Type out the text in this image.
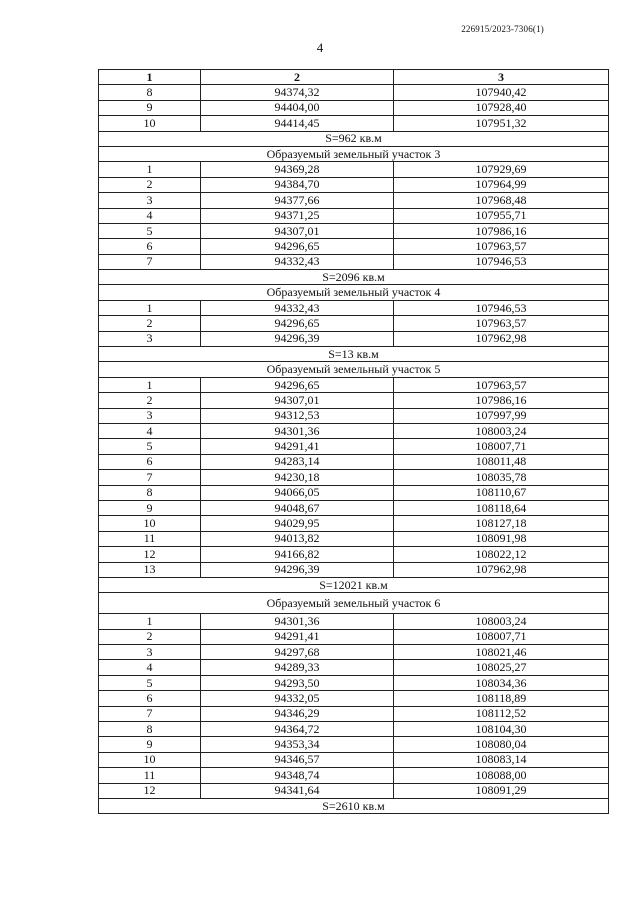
226915/2023-7306(1)
4
1	2	3
8	94374,32	107940,42
9	94404,00	107928,40
10	94414,45	107951,32
S=962 кв.м		
Образуемый земельный участок 3		
1	94369,28	107929,69
2	94384,70	107964,99
3	94377,66	107968,48
4	94371,25	107955,71
5	94307,01	107986,16
6	94296,65	107963,57
7	94332,43	107946,53
S=2096 кв.м		
Образуемый земельный участок 4		
1	94332,43	107946,53
2	94296,65	107963,57
3	94296,39	107962,98
S=13 кв.м		
Образуемый земельный участок 5		
1	94296,65	107963,57
2	94307,01	107986,16
3	94312,53	107997,99
4	94301,36	108003,24
5	94291,41	108007,71
6	94283,14	108011,48
7	94230,18	108035,78
8	94066,05	108110,67
9	94048,67	108118,64
10	94029,95	108127,18
11	94013,82	108091,98
12	94166,82	108022,12
13	94296,39	107962,98
S=12021 кв.м		
Образуемый земельный участок 6		
1	94301,36	108003,24
2	94291,41	108007,71
3	94297,68	108021,46
4	94289,33	108025,27
5	94293,50	108034,36
6	94332,05	108118,89
7	94346,29	108112,52
8	94364,72	108104,30
9	94353,34	108080,04
10	94346,57	108083,14
11	94348,74	108088,00
12	94341,64	108091,29
S=2610 кв.м		
